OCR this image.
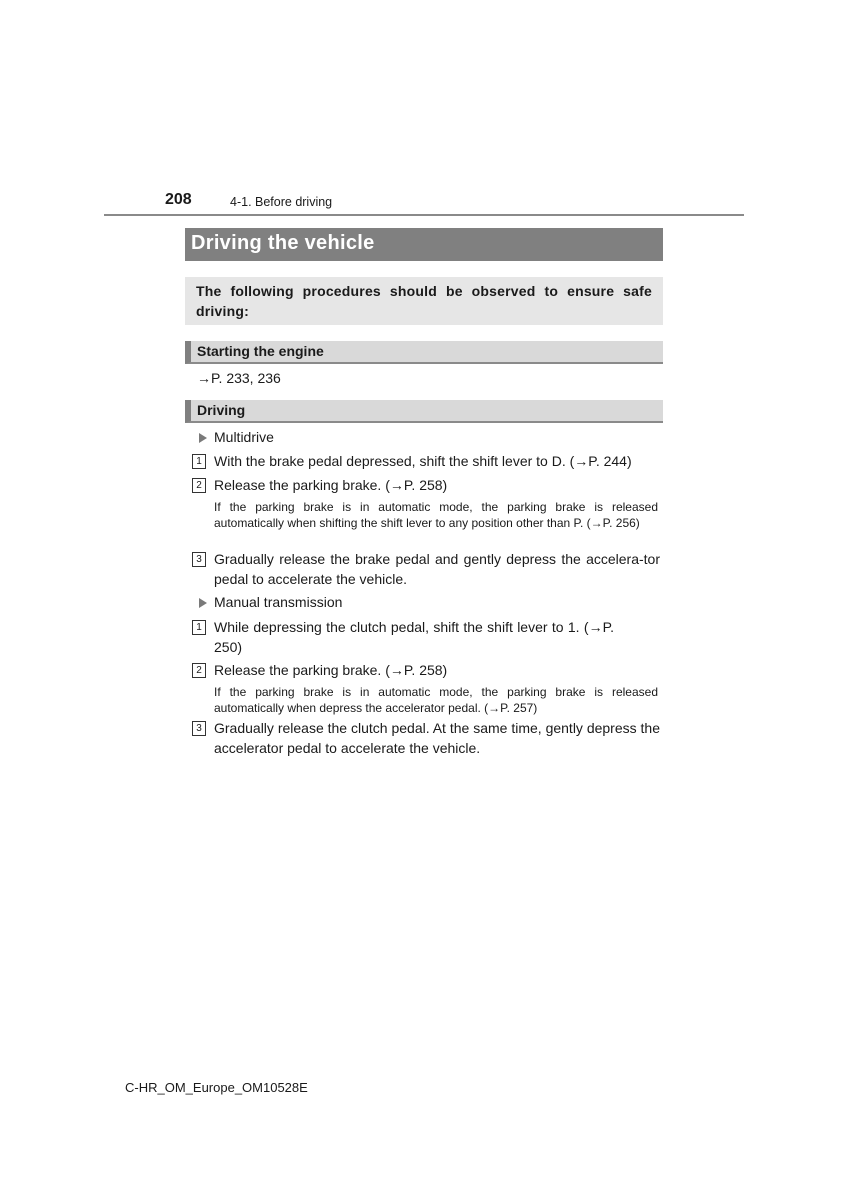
208	4-1. Before driving
Driving the vehicle

The following procedures should be observed to ensure safe driving:

Starting the engine
→P. 233, 236
Driving
Multidrive
1 With the brake pedal depressed, shift the shift lever to D. (→P. 244)
2 Release the parking brake. (→P. 258)
If the parking brake is in automatic mode, the parking brake is released automatically when shifting the shift lever to any position other than P. (→P. 256)
3 Gradually release the brake pedal and gently depress the accelera-tor pedal to accelerate the vehicle.
Manual transmission
1 While depressing the clutch pedal, shift the shift lever to 1. (→P. 250)
2 Release the parking brake. (→P. 258)
If the parking brake is in automatic mode, the parking brake is released automatically when depress the accelerator pedal. (→P. 257)
3 Gradually release the clutch pedal. At the same time, gently depress the accelerator pedal to accelerate the vehicle.
C-HR_OM_Europe_OM10528E
